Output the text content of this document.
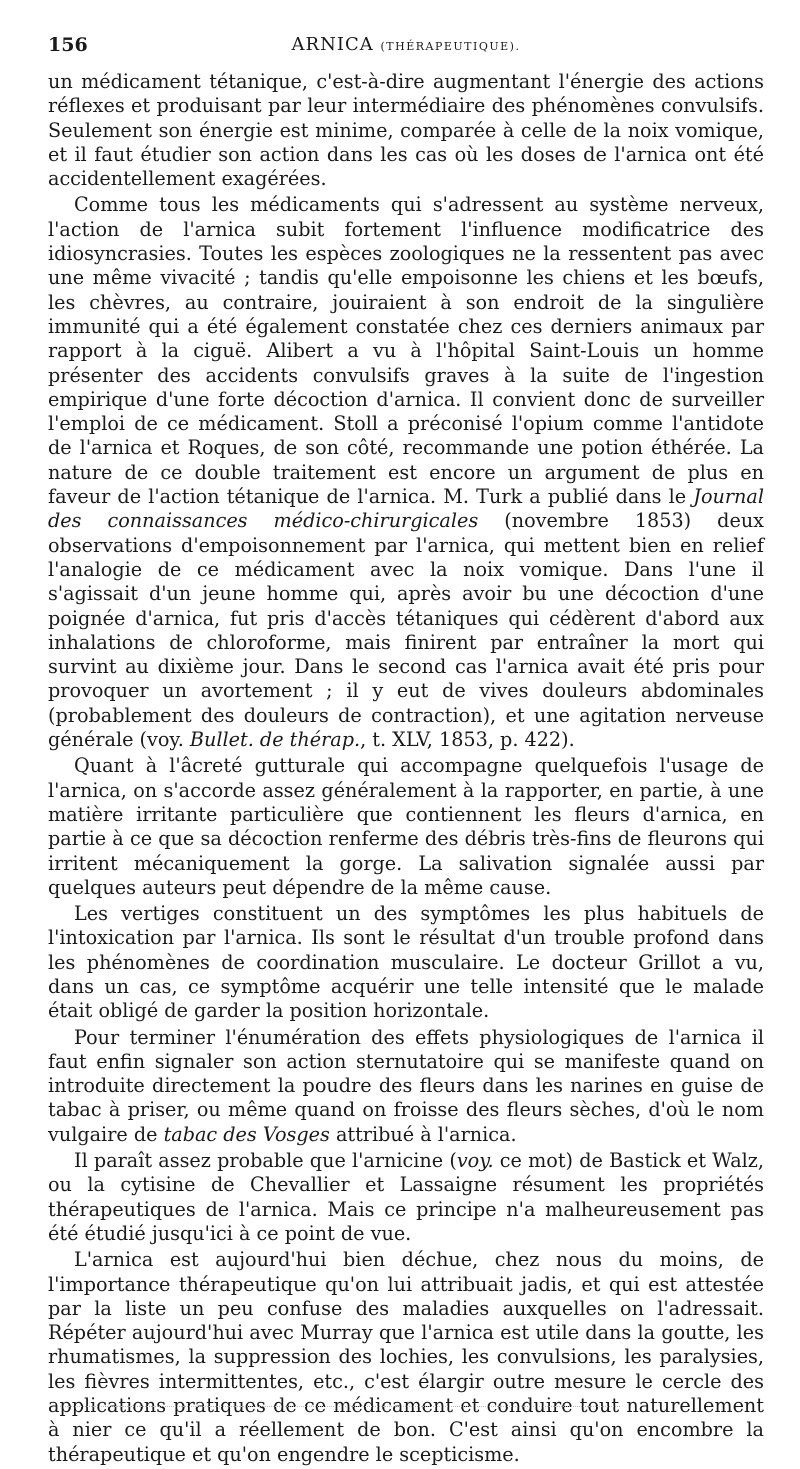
156	ARNICA (THÉRAPEUTIQUE).

un médicament tétanique, c'est-à-dire augmentant l'énergie des actions réflexes et produisant par leur intermédiaire des phénomènes convulsifs. Seulement son énergie est minime, comparée à celle de la noix vomique, et il faut étudier son action dans les cas où les doses de l'arnica ont été accidentellement exagérées.

Comme tous les médicaments qui s'adressent au système nerveux, l'action de l'arnica subit fortement l'influence modificatrice des idiosyncrasies. Toutes les espèces zoologiques ne la ressentent pas avec une même vivacité ; tandis qu'elle empoisonne les chiens et les bœufs, les chèvres, au contraire, jouiraient à son endroit de la singulière immunité qui a été également constatée chez ces derniers animaux par rapport à la ciguë. Alibert a vu à l'hôpital Saint-Louis un homme présenter des accidents convulsifs graves à la suite de l'ingestion empirique d'une forte décoction d'arnica. Il convient donc de surveiller l'emploi de ce médicament. Stoll a préconisé l'opium comme l'antidote de l'arnica et Roques, de son côté, recommande une potion éthérée. La nature de ce double traitement est encore un argument de plus en faveur de l'action tétanique de l'arnica. M. Turk a publié dans le Journal des connaissances médico-chirurgicales (novembre 1853) deux observations d'empoisonnement par l'arnica, qui mettent bien en relief l'analogie de ce médicament avec la noix vomique. Dans l'une il s'agissait d'un jeune homme qui, après avoir bu une décoction d'une poignée d'arnica, fut pris d'accès tétaniques qui cédèrent d'abord aux inhalations de chloroforme, mais finirent par entraîner la mort qui survint au dixième jour. Dans le second cas l'arnica avait été pris pour provoquer un avortement ; il y eut de vives douleurs abdominales (probablement des douleurs de contraction), et une agitation nerveuse générale (voy. Bullet. de thérap., t. XLV, 1853, p. 422).

Quant à l'âcreté gutturale qui accompagne quelquefois l'usage de l'arnica, on s'accorde assez généralement à la rapporter, en partie, à une matière irritante particulière que contiennent les fleurs d'arnica, en partie à ce que sa décoction renferme des débris très-fins de fleurons qui irritent mécaniquement la gorge. La salivation signalée aussi par quelques auteurs peut dépendre de la même cause.

Les vertiges constituent un des symptômes les plus habituels de l'intoxication par l'arnica. Ils sont le résultat d'un trouble profond dans les phénomènes de coordination musculaire. Le docteur Grillot a vu, dans un cas, ce symptôme acquérir une telle intensité que le malade était obligé de garder la position horizontale.

Pour terminer l'énumération des effets physiologiques de l'arnica il faut enfin signaler son action sternutatoire qui se manifeste quand on introduite directement la poudre des fleurs dans les narines en guise de tabac à priser, ou même quand on froisse des fleurs sèches, d'où le nom vulgaire de tabac des Vosges attribué à l'arnica.

Il paraît assez probable que l'arnicine (voy. ce mot) de Bastick et Walz, ou la cytisine de Chevallier et Lassaigne résument les propriétés thérapeutiques de l'arnica. Mais ce principe n'a malheureusement pas été étudié jusqu'ici à ce point de vue.

L'arnica est aujourd'hui bien déchue, chez nous du moins, de l'importance thérapeutique qu'on lui attribuait jadis, et qui est attestée par la liste un peu confuse des maladies auxquelles on l'adressait. Répéter aujourd'hui avec Murray que l'arnica est utile dans la goutte, les rhumatismes, la suppression des lochies, les convulsions, les paralysies, les fièvres intermittentes, etc., c'est élargir outre mesure le cercle des applications pratiques de ce médicament et conduire tout naturellement à nier ce qu'il a réellement de bon. C'est ainsi qu'on encombre la thérapeutique et qu'on engendre le scepticisme.
